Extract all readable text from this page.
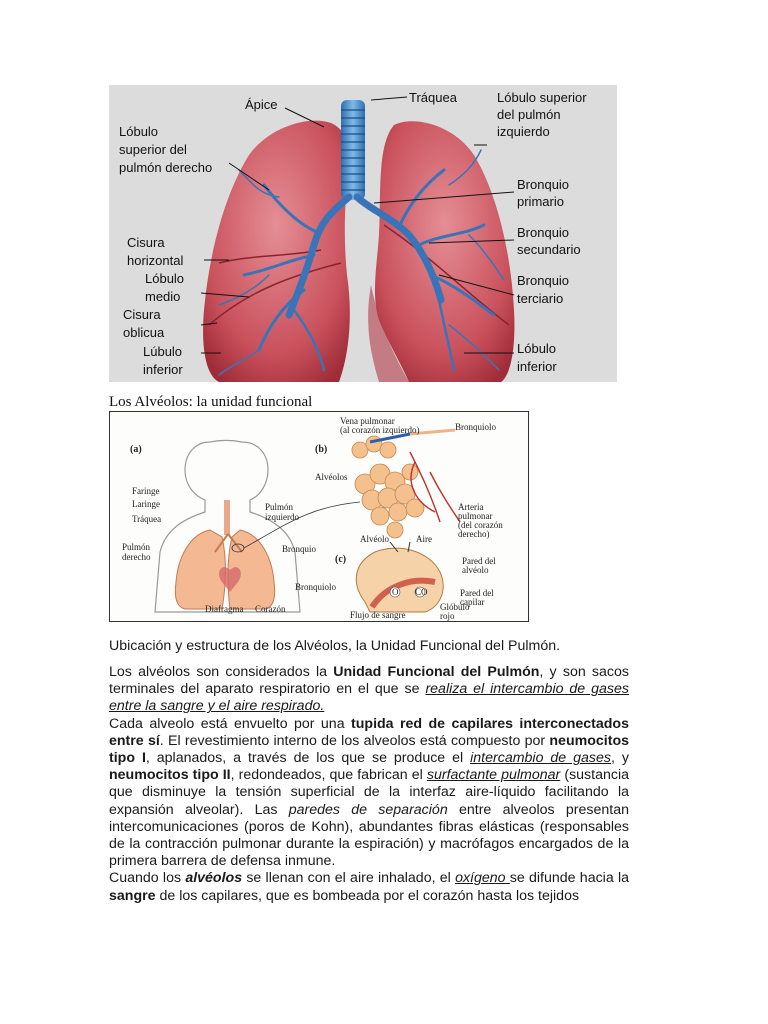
Ápice	Tráquea	Lóbulo superior del pulmón izquierdo
Lóbulo superior del pulmón derecho
Bronquio primario
Bronquio secundario
Cisura horizontal
Lóbulo medio
Bronquio terciario
Cisura oblicua
Lúbulo inferior
Lóbulo inferior
Los Alvéolos: la unidad funcional
(a)	(b)
(c)
Faringe
Laringe
Tráquea
Pulmón izquierdo
Pulmón derecho
Bronquio
Bronquiolo
Diafragma Corazón
Vena pulmonar (al corazón izquierdo)	Bronquiolo
Alvéolos
Arteria pulmonar (del corazón derecho)
Alvéolo	Aire
Pared del alvéolo
Pared del capilar
Flujo de sangre
Glóbulo rojo
O CO
Ubicación y estructura de los Alvéolos, la Unidad Funcional del Pulmón.

Los alvéolos son considerados la Unidad Funcional del Pulmón, y son sacos terminales del aparato respiratorio en el que se realiza el intercambio de gases entre la sangre y el aire respirado.

Cada alveolo está envuelto por una tupida red de capilares interconectados entre sí. El revestimiento interno de los alveolos está compuesto por neumocitos tipo I, aplanados, a través de los que se produce el intercambio de gases, y neumocitos tipo II, redondeados, que fabrican el surfactante pulmonar (sustancia que disminuye la tensión superficial de la interfaz aire-líquido facilitando la expansión alveolar). Las paredes de separación entre alveolos presentan intercomunicaciones (poros de Kohn), abundantes fibras elásticas (responsables de la contracción pulmonar durante la espiración) y macrófagos encargados de la primera barrera de defensa inmune.

Cuando los alvéolos se llenan con el aire inhalado, el oxígeno se difunde hacia la sangre de los capilares, que es bombeada por el corazón hasta los tejidos
